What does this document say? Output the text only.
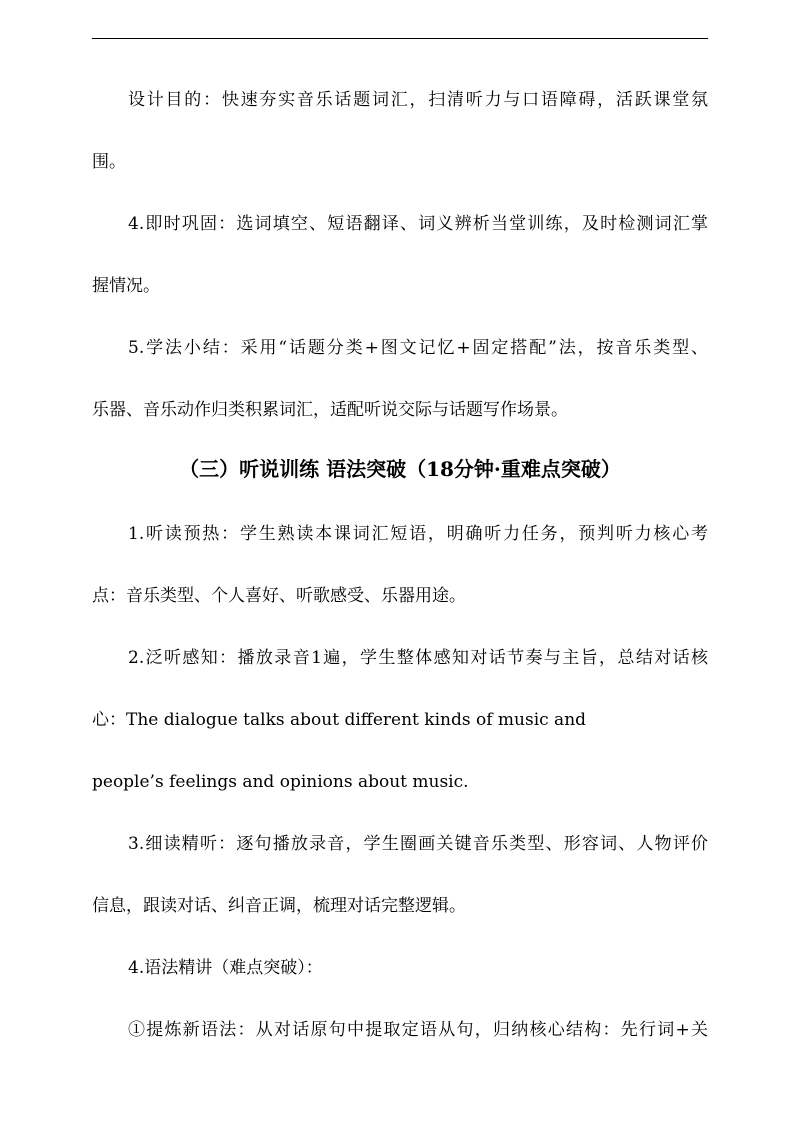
设计目的：快速夯实音乐话题词汇，扫清听力与口语障碍，活跃课堂氛
围。
4.即时巩固：选词填空、短语翻译、词义辨析当堂训练，及时检测词汇掌
握情况。
5.学法小结：采用“话题分类+图文记忆+固定搭配”法，按音乐类型、
乐器、音乐动作归类积累词汇，适配听说交际与话题写作场景。
（三）听说训练 语法突破（18分钟·重难点突破）
1.听读预热：学生熟读本课词汇短语，明确听力任务，预判听力核心考
点：音乐类型、个人喜好、听歌感受、乐器用途。
2.泛听感知：播放录音1遍，学生整体感知对话节奏与主旨，总结对话核
心：The dialogue talks about different kinds of music and
people’s feelings and opinions about music.
3.细读精听：逐句播放录音，学生圈画关键音乐类型、形容词、人物评价
信息，跟读对话、纠音正调，梳理对话完整逻辑。
4.语法精讲（难点突破）：
①提炼新语法：从对话原句中提取定语从句，归纳核心结构：先行词+关
